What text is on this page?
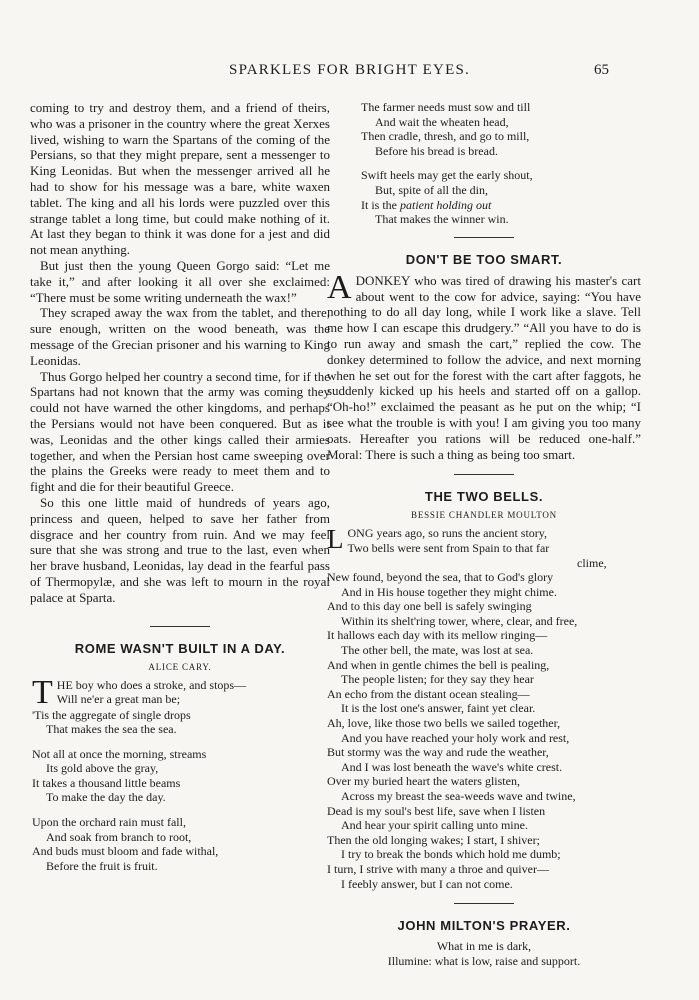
SPARKLES FOR BRIGHT EYES.	65

coming to try and destroy them, and a friend of theirs, who was a prisoner in the country where the great Xerxes lived, wishing to warn the Spartans of the coming of the Persians, so that they might prepare, sent a messenger to King Leonidas. But when the messenger arrived all he had to show for his message was a bare, white waxen tablet. The king and all his lords were puzzled over this strange tablet a long time, but could make nothing of it. At last they began to think it was done for a jest and did not mean anything.

But just then the young Queen Gorgo said: “Let me take it,” and after looking it all over she exclaimed: “There must be some writing underneath the wax!”

They scraped away the wax from the tablet, and there, sure enough, written on the wood beneath, was the message of the Grecian prisoner and his warning to King Leonidas.

Thus Gorgo helped her country a second time, for if the Spartans had not known that the army was coming they could not have warned the other kingdoms, and perhaps the Persians would not have been conquered. But as it was, Leonidas and the other kings called their armies together, and when the Persian host came sweeping over the plains the Greeks were ready to meet them and to fight and die for their beautiful Greece.

So this one little maid of hundreds of years ago, princess and queen, helped to save her father from disgrace and her country from ruin. And we may feel sure that she was strong and true to the last, even when her brave husband, Leonidas, lay dead in the fearful pass of Thermopylæ, and she was left to mourn in the royal palace at Sparta.

ROME WASN'T BUILT IN A DAY.
ALICE CARY.
T HE boy who does a stroke, and stops—
Will ne'er a great man be;
'Tis the aggregate of single drops
That makes the sea the sea.
Not all at once the morning, streams
Its gold above the gray,
It takes a thousand little beams
To make the day the day.
Upon the orchard rain must fall,
And soak from branch to root,
And buds must bloom and fade withal,
Before the fruit is fruit.
The farmer needs must sow and till
And wait the wheaten head,
Then cradle, thresh, and go to mill,
Before his bread is bread.
Swift heels may get the early shout,
But, spite of all the din,
It is the patient holding out
That makes the winner win.
DON'T BE TOO SMART.

ADONKEY who was tired of drawing his master's cart about went to the cow for advice, saying: “You have nothing to do all day long, while I work like a slave. Tell me how I can escape this drudgery.” “All you have to do is to run away and smash the cart,” replied the cow. The donkey determined to follow the advice, and next morning when he set out for the forest with the cart after faggots, he suddenly kicked up his heels and started off on a gallop. “Oh-ho!” exclaimed the peasant as he put on the whip; “I see what the trouble is with you! I am giving you too many oats. Hereafter you rations will be reduced one-half.” Moral: There is such a thing as being too smart.

THE TWO BELLS.
BESSIE CHANDLER MOULTON
L ONG years ago, so runs the ancient story,
Two bells were sent from Spain to that far
clime,
New found, beyond the sea, that to God's glory
And in His house together they might chime.
And to this day one bell is safely swinging
Within its shelt'ring tower, where, clear, and free,
It hallows each day with its mellow ringing—
The other bell, the mate, was lost at sea.
And when in gentle chimes the bell is pealing,
The people listen; for they say they hear
An echo from the distant ocean stealing—
It is the lost one's answer, faint yet clear.
Ah, love, like those two bells we sailed together,
And you have reached your holy work and rest,
But stormy was the way and rude the weather,
And I was lost beneath the wave's white crest.
Over my buried heart the waters glisten,
Across my breast the sea-weeds wave and twine,
Dead is my soul's best life, save when I listen
And hear your spirit calling unto mine.
Then the old longing wakes; I start, I shiver;
I try to break the bonds which hold me dumb;
I turn, I strive with many a throe and quiver—
I feebly answer, but I can not come.
JOHN MILTON'S PRAYER.
What in me is dark,
Illumine: what is low, raise and support.
